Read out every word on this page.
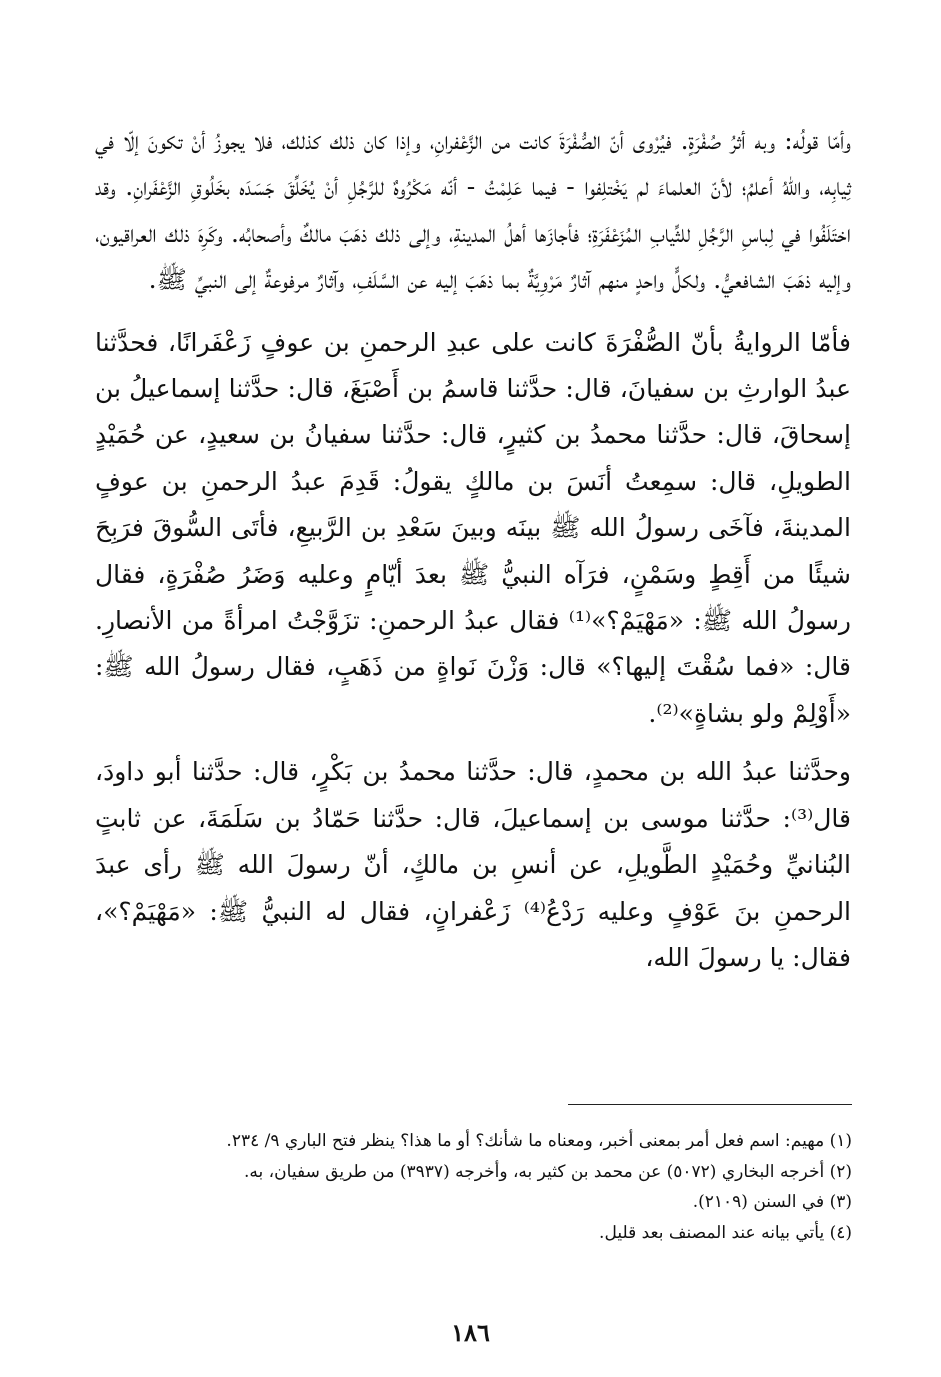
وأمّا قولُه: وبه أثرُ صُفْرَةٍ. فيُرْوى أنّ الصُّفْرَةَ كانت من الزَّعْفرانِ، وإذا كان ذلك كذلك، فلا يجوزُ أنْ تكونَ إلّا في ثِيابِه، واللهُ أعلمُ؛ لأنّ العلماءَ لم يَخْتلِفوا - فيما عَلِمْتُ - أنّه مَكْرُوهٌ للرَّجُلِ أنْ يُخَلِّقَ جَسَدَه بخَلُوقِ الزَّعْفَرانِ. وقد اختَلَفُوا في لِباسِ الرَّجُلِ للثِّيابِ المُزَعْفَرَةِ؛ فأجازَها أهلُ المدينةِ، وإلى ذلك ذهَبَ مالكٌ وأصحابُه. وكَرِهَ ذلك العراقيون، وإليه ذهَبَ الشافعيُّ. ولكلٍّ واحدٍ منهم آثارٌ مَرْوِيَّةٌ بما ذهَبَ إليه عن السَّلَفِ، وآثارٌ مرفوعةٌ إلى النبيِّ ﷺ.

فأمّا الروايةُ بأنّ الصُّفْرَةَ كانت على عبدِ الرحمنِ بن عوفٍ زَعْفَرانًا، فحدَّثنا عبدُ الوارثِ بن سفيانَ، قال: حدَّثنا قاسمُ بن أَصْبَغَ، قال: حدَّثنا إسماعيلُ بن إسحاقَ، قال: حدَّثنا محمدُ بن كثيرٍ، قال: حدَّثنا سفيانُ بن سعيدٍ، عن حُمَيْدٍ الطويلِ، قال: سمِعتُ أنَسَ بن مالكٍ يقولُ: قَدِمَ عبدُ الرحمنِ بن عوفٍ المدينةَ، فآخَى رسولُ الله ﷺ بينَه وبينَ سَعْدِ بن الرَّبيعِ، فأتَى السُّوقَ فرَبِحَ شيئًا من أَقِطٍ وسَمْنٍ، فرَآه النبيُّ ﷺ بعدَ أيّامٍ وعليه وَضَرُ صُفْرَةٍ، فقال رسولُ الله ﷺ: «مَهْيَمْ؟»⁽¹⁾ فقال عبدُ الرحمنِ: تزَوَّجْتُ امرأةً من الأنصارِ. قال: «فما سُقْتَ إليها؟» قال: وَزْنَ نَواةٍ من ذَهَبٍ، فقال رسولُ الله ﷺ: «أَوْلِمْ ولو بشاةٍ»⁽²⁾.

وحدَّثنا عبدُ الله بن محمدٍ، قال: حدَّثنا محمدُ بن بَكْرٍ، قال: حدَّثنا أبو داودَ، قال⁽³⁾: حدَّثنا موسى بن إسماعيلَ، قال: حدَّثنا حَمّادُ بن سَلَمَةَ، عن ثابتٍ البُنانيِّ وحُمَيْدٍ الطَّويلِ، عن أنسِ بن مالكٍ، أنّ رسولَ الله ﷺ رأى عبدَ الرحمنِ بنَ عَوْفٍ وعليه رَدْعُ⁽⁴⁾ زَعْفرانٍ، فقال له النبيُّ ﷺ: «مَهْيَمْ؟»، فقال: يا رسولَ الله،

(١) مهيم: اسم فعل أمر بمعنى أخبر، ومعناه ما شأنك؟ أو ما هذا؟ ينظر فتح الباري ٩/ ٢٣٤.

(٢) أخرجه البخاري (٥٠٧٢) عن محمد بن كثير به، وأخرجه (٣٩٣٧) من طريق سفيان، به.

(٣) في السنن (٢١٠٩).

(٤) يأتي بيانه عند المصنف بعد قليل.

١٨٦
